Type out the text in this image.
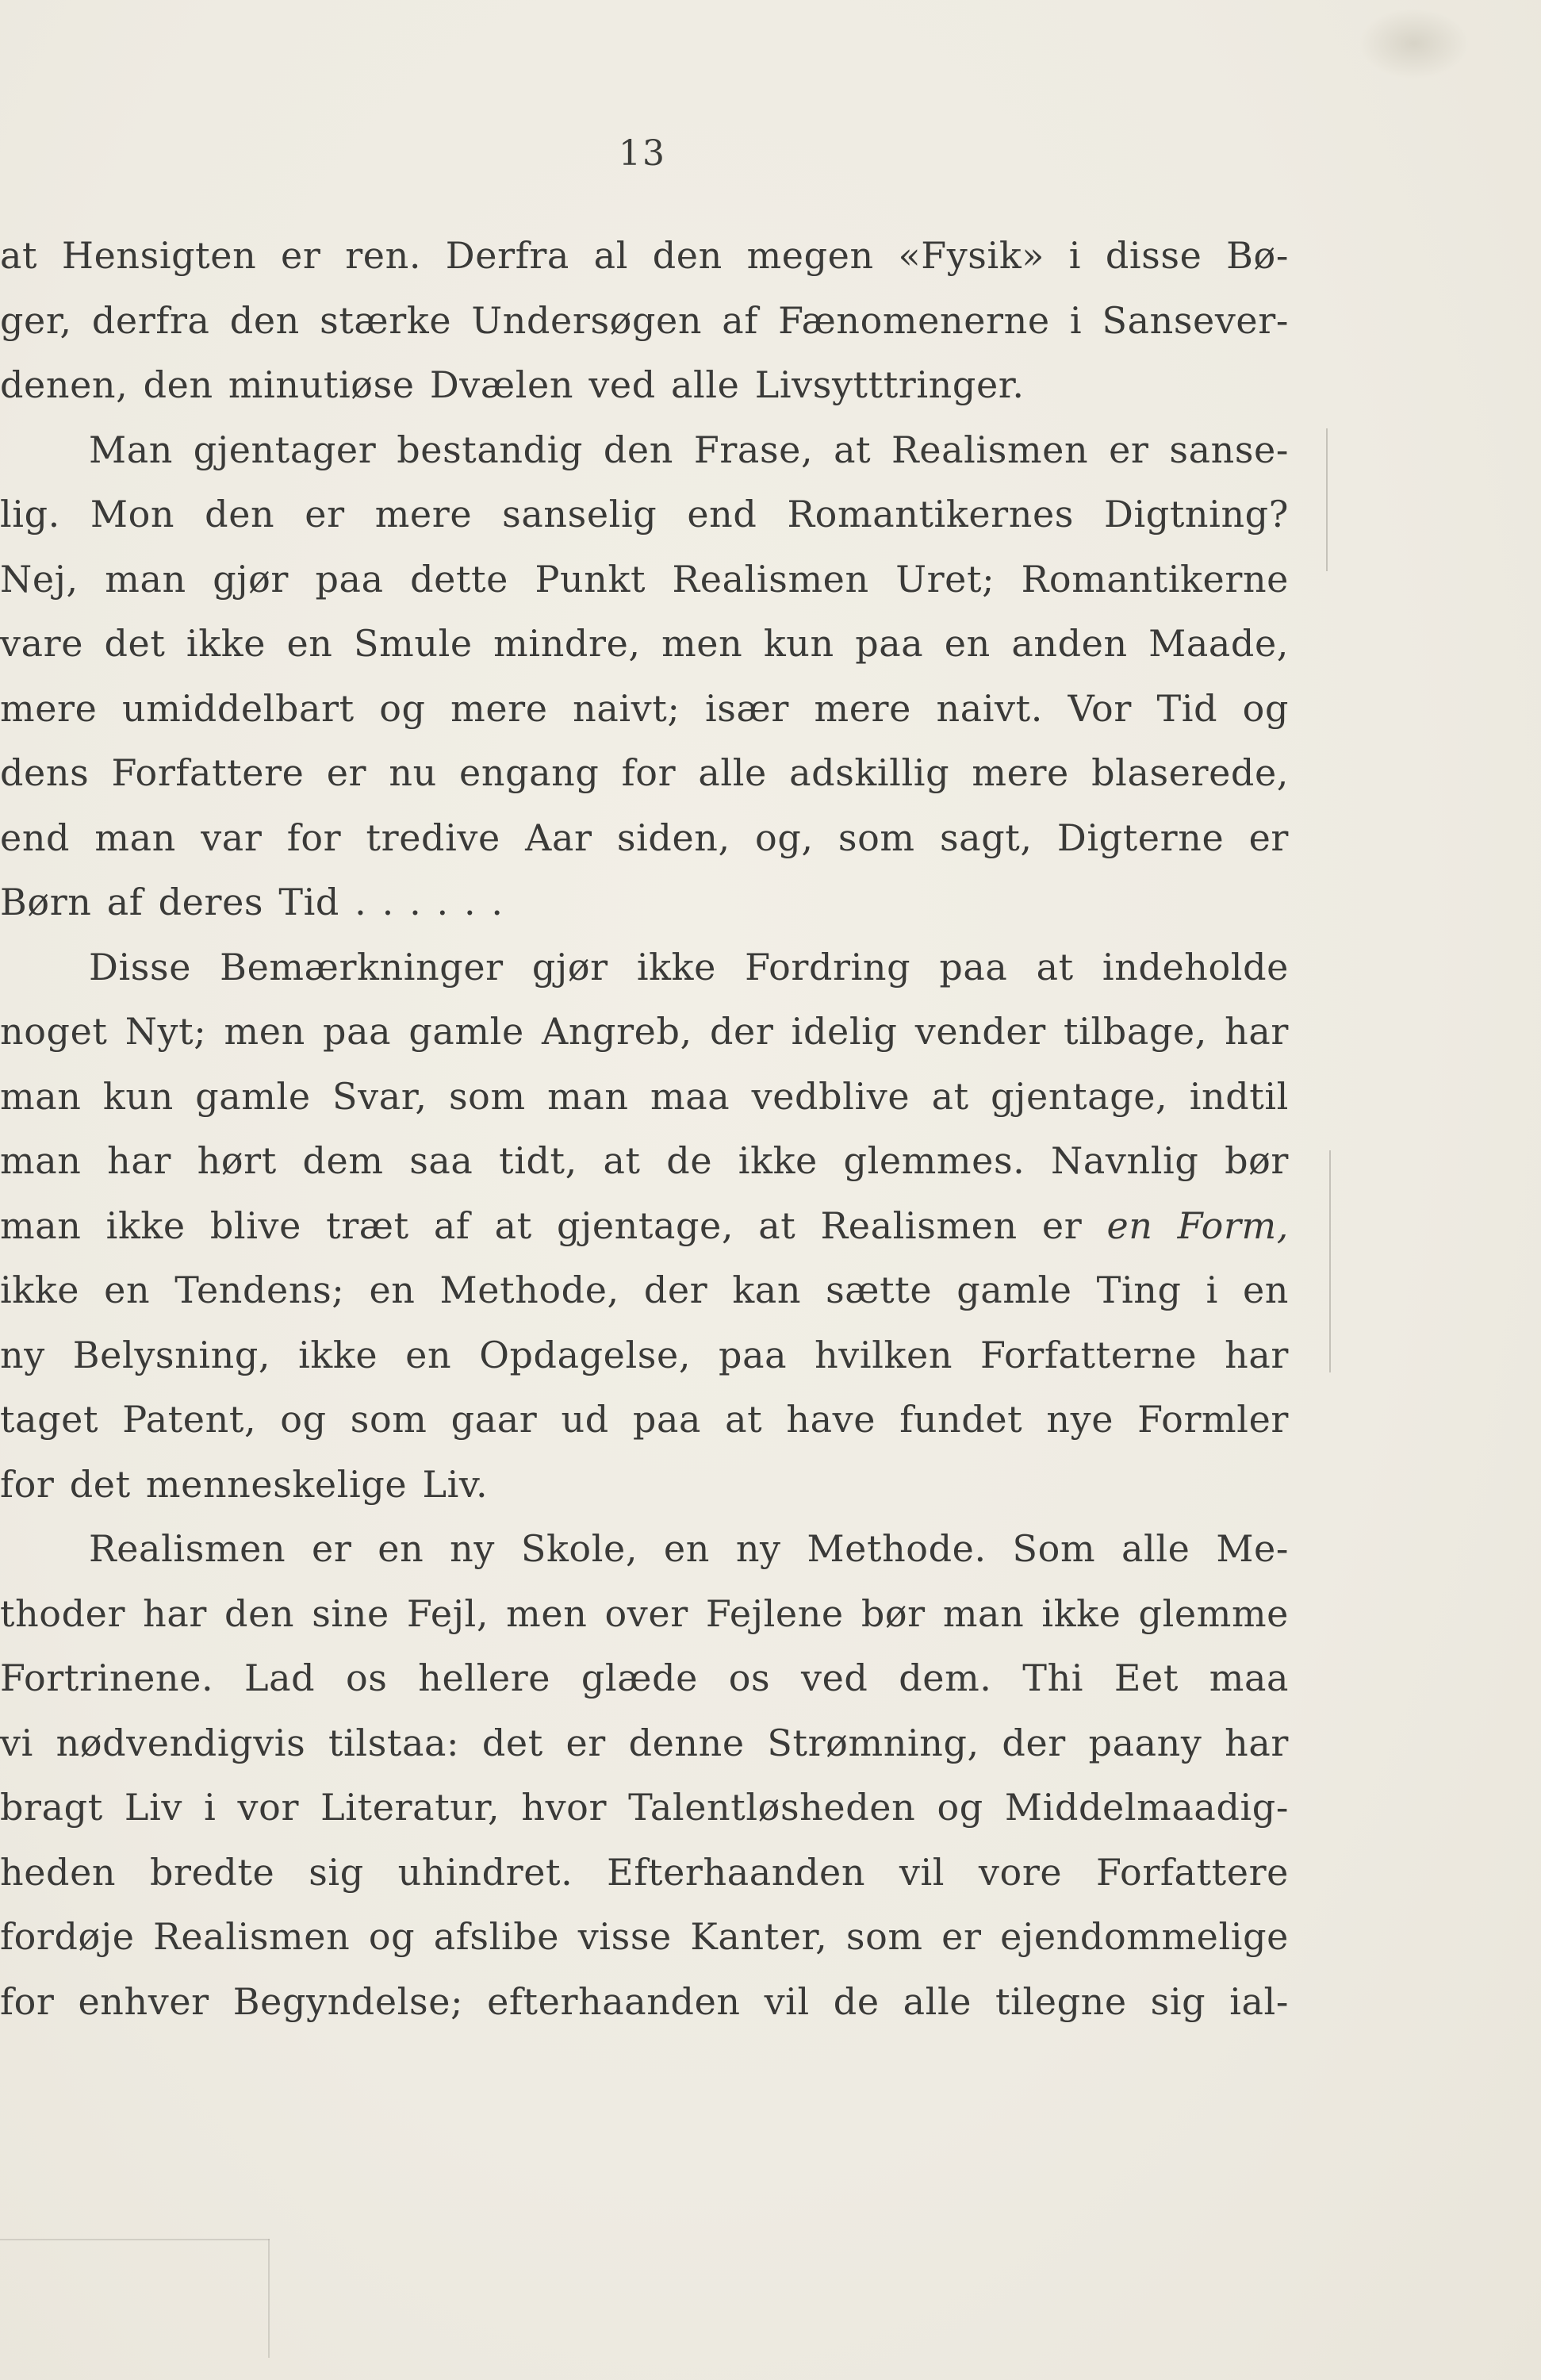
13
at Hensigten er ren. Derfra al den megen «Fysik» i disse Bø-
ger, derfra den stærke Undersøgen af Fænomenerne i Sansever-
denen, den minutiøse Dvælen ved alle Livsytttringer.
Man gjentager bestandig den Frase, at Realismen er sanse-
lig. Mon den er mere sanselig end Romantikernes Digtning?
Nej, man gjør paa dette Punkt Realismen Uret; Romantikerne
vare det ikke en Smule mindre, men kun paa en anden Maade,
mere umiddelbart og mere naivt; især mere naivt. Vor Tid og
dens Forfattere er nu engang for alle adskillig mere blaserede,
end man var for tredive Aar siden, og, som sagt, Digterne er
Børn af deres Tid . . . . . .
Disse Bemærkninger gjør ikke Fordring paa at indeholde
noget Nyt; men paa gamle Angreb, der idelig vender tilbage, har
man kun gamle Svar, som man maa vedblive at gjentage, indtil
man har hørt dem saa tidt, at de ikke glemmes. Navnlig bør
man ikke blive træt af at gjentage, at Realismen er en Form,
ikke en Tendens; en Methode, der kan sætte gamle Ting i en
ny Belysning, ikke en Opdagelse, paa hvilken Forfatterne har
taget Patent, og som gaar ud paa at have fundet nye Formler
for det menneskelige Liv.
Realismen er en ny Skole, en ny Methode. Som alle Me-
thoder har den sine Fejl, men over Fejlene bør man ikke glemme
Fortrinene. Lad os hellere glæde os ved dem. Thi Eet maa
vi nødvendigvis tilstaa: det er denne Strømning, der paany har
bragt Liv i vor Literatur, hvor Talentløsheden og Middelmaadig-
heden bredte sig uhindret. Efterhaanden vil vore Forfattere
fordøje Realismen og afslibe visse Kanter, som er ejendommelige
for enhver Begyndelse; efterhaanden vil de alle tilegne sig ial-
